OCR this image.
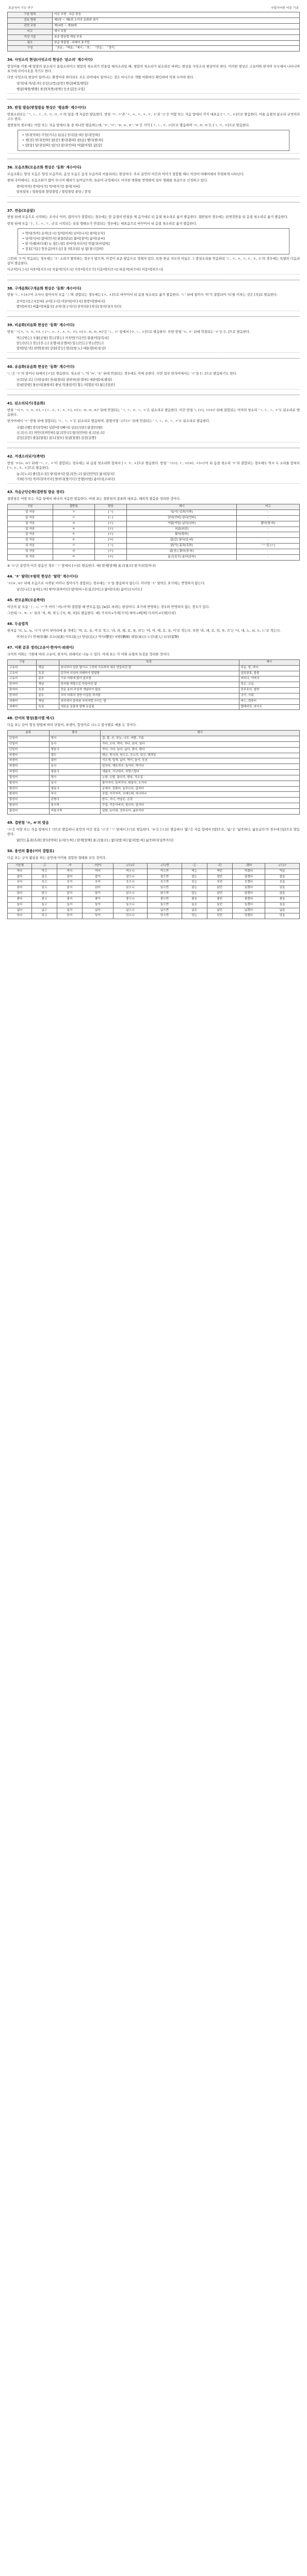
표준국어 기능 연구	국립국어원 어문 기준
구분 항목	어문 규범 · 표준 발음
검토 범위	제3장 ~ 제5장 소리의 동화와 첨가
관련 조항	제14항 ~ 제30항
비고	예시 포함
작성 기준	표준 발음법 해설 부록
참조	한글 맞춤법 · 외래어 표기법
구성	「본문」「해설」「예시」「표」 「연습」 「정리」
34. 사잇소리 현상(사잇소리 현상은 '된소리' 계수이다)

합성어를 이룰 때 앞말의 끝소리가 울림소리이고 뒷말의 첫소리가 안울림 예사소리일 때, 뒷말의 첫소리가 된소리로 바뀌는 현상을 사잇소리 현상이라 한다. 이러한 현상은 고유어와 한자어 모두에서 나타나며 표기에 사이시옷을 적기도 한다.

다만 사잇소리 현상이 일어나는 환경이라 하더라도 모든 단어에서 일어나는 것은 아니므로 개별 어휘마다 확인하여 익혀 두어야 한다.

냇가[내:까/낻:까] 콧등[코뜽/콛뜽] 뱃길[배낄/밷낄]
햇살[해쌀/핻쌀] 찻잔[차짠/찯짠] 등굣길[등교낄]
35. 받침 발음(받침발음 현상은 '평음화' 계수이다)

받침소리로는 'ㄱ, ㄴ, ㄷ, ㄹ, ㅁ, ㅂ, ㅇ'의 일곱 개 자음만 발음한다. 받침 'ㄲ, ㅋ'과 'ㅅ, ㅆ, ㅈ, ㅊ, ㅌ, ㅎ'과 'ㅍ'은 어말 또는 자음 앞에서 각각 대표음 [ㄱ, ㄷ, ㅂ]으로 발음한다. 이를 음절의 끝소리 규칙이라고도 한다.

겹받침의 경우에는 어말 또는 자음 앞에서 둘 중 하나만 발음하는데, 'ㄳ', 'ㄵ', 'ㄼ, ㄽ, ㄾ', 'ㅄ'은 각각 [ㄱ, ㄴ, ㄹ, ㅂ]으로 발음하며 'ㄺ, ㄻ, ㄿ'은 [ㄱ, ㅁ, ㅂ]으로 발음한다.

• 닦다[닥따] 키읔[키윽] 옷[옫] 웃다[욷:따] 있다[읻따]
• 젖[젇] 빚다[빋따] 꽃[꼳] 쫓다[쫃따] 솥[솓] 뱉다[밷:따]
• 앞[압] 덮다[덥따] 넋[넉] 앉다[안따] 여덟[여덜] 값[갑]
36. 모음조화(모음조화 현상은 '동화' 계수이다)

모음조화는 양성 모음은 양성 모음끼리, 음성 모음은 음성 모음끼리 어울리려는 현상이다. 주로 용언의 어간과 어미가 결합할 때나 의성어·의태어에서 뚜렷하게 나타난다.

현대 국어에서는 모음조화가 많이 무너져 예외가 늘어났으며, 표준어 규정에서도 이러한 변화를 반영하여 일부 형태를 표준으로 인정하고 있다.

깎아[까까] 막아[마가] 먹어[머거] 접어[저버]
알록달록 / 얼룩덜룩 찰랑찰랑 / 철렁철렁 퐁당 / 풍덩
37. 연음(모음앞)

받침 뒤에 모음으로 시작하는 조사나 어미, 접미사가 결합되는 경우에는 앞 음절의 받침을 제 음가대로 뒤 음절 첫소리로 옮겨 발음한다. 겹받침의 경우에는 뒤엣것만을 뒤 음절 첫소리로 옮겨 발음한다.

받침 뒤에 모음 'ㅏ, ㅓ, ㅗ, ㅜ, ㅟ'로 시작되는 실질 형태소가 연결되는 경우에는 대표음으로 바꾸어서 뒤 음절 첫소리로 옮겨 발음한다.

• 깎아[까까] 옷이[오시] 있어[이써] 낮이[나지] 꽂아[꼬자]
• 넋이[넉씨] 앉아[안자] 닭을[달글] 젊어[절머] 곬이[골씨]
• 밭 아래[바다래] 늪 앞[느밥] 젖어미[저더미] 맛없다[마덥따]
• 겉옷[거돋] 헛웃음[허두슴] 꽃 위[꼬뒤] 넋 없다[너겁따]

그런데 'ㅎ'이 연음되는 경우에는 'ㅎ' 소리가 탈락하는 경우가 많으며, 이것이 표준 발음으로 정해져 있다. 또한 한글 자모의 이름은 그 받침소리를 연음하되 'ㄷ, ㅈ, ㅊ, ㅋ, ㅌ, ㅍ, ㅎ'의 경우에는 특별히 다음과 같이 발음한다.

디귿이[디그시] 지읒이[지으시] 치읓이[치으시] 키읔이[키으기] 티읕이[티으시] 피읖이[피으비] 히읗이[히으시]

38. 구개음화(구개음화 현상은 '동화' 계수이다)

받침 'ㄷ, ㅌ(ㄾ)'이 조사나 접미사의 모음 'ㅣ'와 결합되는 경우에는 [ㅈ, ㅊ]으로 바꾸어서 뒤 음절 첫소리로 옮겨 발음한다. 'ㄷ' 뒤에 접미사 '히'가 결합되어 '티'를 이루는 것은 [치]로 발음한다.

곧이듣다[고지듣따] 굳이[구지] 미닫이[미다지] 땀받이[땀바지]
밭이[바치] 벼훑이[벼훌치] 굳히다[구치다] 닫히다[다치다] 묻히다[무치다]
39. 비음화(비음화 현상은 '동화' 계수이다)

받침 'ㄱ(ㄲ, ㅋ, ㄳ, ㄺ), ㄷ(ㅅ, ㅆ, ㅈ, ㅊ, ㅌ, ㅎ), ㅂ(ㅍ, ㄼ, ㄿ, ㅄ)'은 'ㄴ, ㅁ' 앞에서 [ㅇ, ㄴ, ㅁ]으로 발음한다. 또한 받침 'ㅁ, ㅇ' 뒤에 연결되는 'ㄹ'은 [ㄴ]으로 발음한다.

먹는[멍는] 국물[궁물] 깎는[깡는] 키읔만[키응만] 몫몫이[몽목씨]
닫는[단는] 짓는[진:는] 옷맵시[온맵씨] 있는[인는] 맞는[만는]
담력[담:녁] 침략[침냑] 강릉[강능] 항로[항:노] 대통령[대:통녕]
40. 유음화(유음화 현상은 '동화' 계수이다)

'ㄴ'은 'ㄹ'의 앞이나 뒤에서 [ㄹ]로 발음한다. 첫소리 'ㄴ'이 'ㅀ', 'ㄾ' 뒤에 연결되는 경우에도 이에 준한다. 다만 일부 한자어에서는 'ㄹ'을 [ㄴ]으로 발음하기도 한다.

난로[날:로] 신라[실라] 천리[철리] 광한루[광:할루] 대관령[대:괄령]
칼날[칼랄] 물난리[물랄리] 줄넘기[줄럼끼] 할는지[할른지] 닳는[달른]
41. 된소리되기(경음화)

받침 'ㄱ(ㄲ, ㅋ, ㄳ, ㄺ), ㄷ(ㅅ, ㅆ, ㅈ, ㅊ, ㅌ), ㅂ(ㅍ, ㄼ, ㄿ, ㅄ)' 뒤에 연결되는 'ㄱ, ㄷ, ㅂ, ㅅ, ㅈ'은 된소리로 발음한다. 어간 받침 'ㄴ(ㄵ), ㅁ(ㄻ)' 뒤에 결합되는 어미의 첫소리 'ㄱ, ㄷ, ㅅ, ㅈ'도 된소리로 발음한다.

한자어에서 'ㄹ' 받침 뒤에 결합되는 'ㄷ, ㅅ, ㅈ'은 된소리로 발음하며, 관형사형 '-(으)ㄹ' 뒤에 연결되는 'ㄱ, ㄷ, ㅂ, ㅅ, ㅈ'도 된소리로 발음한다.

국밥[국빱] 깎다[깍따] 넋받이[넉빠지] 삯돈[삭똔] 닭장[닥짱]
신고[신:꼬] 껴안다[껴안따] 앉고[안꼬] 얹다[언따] 삼고[삼:꼬]
갈등[갈뜽] 발동[발똥] 절도[절또] 말살[말쌀] 갈증[갈쯩]
42. 거센소리되기(축약)

받침 'ㅎ(ㄶ, ㅀ)' 뒤에 'ㄱ, ㄷ, ㅈ'이 결합되는 경우에는 뒤 음절 첫소리와 합쳐서 [ㅋ, ㅌ, ㅊ]으로 발음한다. 받침 'ㄱ(ㄺ), ㄷ, ㅂ(ㄼ), ㅈ(ㄵ)'이 뒤 음절 첫소리 'ㅎ'과 결합되는 경우에도 역시 두 소리를 합쳐서 [ㅋ, ㅌ, ㅍ, ㅊ]으로 발음한다.

놓고[노코] 좋던[조:턴] 쌓지[싸치] 많고[만:코] 않던[안턴] 닳지[달치]
각하[가카] 먹히다[머키다] 밝히다[발키다] 맏형[마텽] 좁히다[조피다]
43. 자음군단순화(겹받침 발음 정리)

겹받침은 어말 또는 자음 앞에서 하나의 자음만 발음한다. 아래 표는 겹받침의 종류와 대표음, 예외적 발음을 정리한 것이다.

구분	겹받침	발음	예시	비고
앞 자음	ㄳ	[ㄱ]	넋[넉] 넋과[넉꽈]	-
앞 자음	ㄵ	[ㄴ]	앉다[안따] 얹다[언따]	-
앞 자음	ㄼ	[ㄹ]	여덟[여덜] 넓다[널따]	밟다[밥:따]
앞 자음	ㄽ	[ㄹ]	외곬[외골]	-
앞 자음	ㄾ	[ㄹ]	핥다[할따]	-
앞 자음	ㅄ	[ㅂ]	값[갑] 없다[업:따]	-
뒤 자음	ㄺ	[ㄱ]	닭[닥] 흙과[흑꽈]	'ㄱ' 앞 [ㄹ]
뒤 자음	ㄻ	[ㅁ]	삶[삼:] 젊다[점:따]	-
뒤 자음	ㄿ	[ㅂ]	읊고[읍꼬] 읊다[읍따]	-

※ 'ㄺ'은 용언의 어간 말음인 경우 'ㄱ' 앞에서 [ㄹ]로 발음한다. 예) 맑게[말께] 묽고[물꼬] 얽거나[얼꺼나]

44. 'ㅎ' 탈락(ㅎ탈락 현상은 '탈락' 계수이다)

'ㅎ(ㄶ, ㅀ)' 뒤에 모음으로 시작된 어미나 접미사가 결합되는 경우에는 'ㅎ'을 발음하지 않는다. 이러한 'ㅎ' 탈락은 표기에는 반영하지 않는다.

낳은[나은] 놓아[노아] 쌓이다[싸이다] 많아[마:나] 않은[아는] 닳아[다라] 싫어도[시러도]
45. 반모음화(모음축약)

어간의 끝 모음 'ㅣ, ㅗ, ㅜ'가 어미 '-어/-아'와 결합할 때 반모음 [j], [w]로 바뀌는 현상이다. 표기에 반영하는 경우와 반영하지 않는 경우가 있다.

그런데 'ㅈ, ㅉ, ㅊ' 뒤의 '져, 쪄, 쳐'는 [저, 쩌, 처]로 발음한다. 예) 가지어→가져[가저] 찌어→쪄[쩌] 다치어→다쳐[다처]

46. 두음법칙

한자음 '녀, 뇨, 뉴, 니'가 단어 첫머리에 올 적에는 '여, 요, 유, 이'로 적고, '랴, 려, 례, 료, 류, 리'는 '야, 여, 예, 요, 유, 이'로 적는다. 또한 '라, 래, 로, 뢰, 루, 르'는 '나, 내, 노, 뇌, 누, 느'로 적는다.

여자(女子) 연세(年歲) 요소(尿素) 이토(泥土) 양심(良心) 역사(歷史) 낙원(樂園) 내일(來日) 노인(老人) 뇌성(雷聲)
47. 어휘 분류 정리(고유어·한자어·외래어)

국어의 어휘는 기원에 따라 고유어, 한자어, 외래어로 나눌 수 있다. 아래 표는 각 어휘 유형의 특징을 정리한 것이다.

구분		특징	예시
고유어	개념	본디부터 있던 말이나 그것에 기초하여 새로 만들어진 말	하늘, 땅, 바다
고유어	특징	감각어·의성어·의태어가 발달함	알록달록, 졸졸
고유어	분포	기초 어휘에 많이 분포함	어머니, 아버지
한자어	개념	한자를 바탕으로 만들어진 말	학교, 교실
한자어	특징	전문 용어·추상적 개념어가 많음	민주주의, 철학
한자어	분포	국어 어휘의 절반 이상을 차지함	국가, 사회
외래어	개념	외국에서 들어와 국어처럼 쓰이는 말	버스, 컴퓨터
외래어	특징	새로운 문물과 함께 유입됨	텔레비전, 라디오
48. 단어의 형성(품사별 예시)

다음 표는 단어 형성 방법에 따라 단일어, 파생어, 합성어로 나누고 품사별로 예를 든 것이다.

분류	품사	예시
단일어	명사	집, 물, 산, 하늘, 나무, 바람, 구름
단일어	동사	가다, 오다, 먹다, 자다, 보다, 읽다
단일어	형용사	작다, 크다, 높다, 넓다, 좋다, 밝다
파생어	접두	맨손, 풋사과, 헛수고, 군소리, 덧신, 햇과일
파생어	접미	지우개, 덮개, 넓이, 먹이, 놀이, 웃음
파생어	동사	밀치다, 깨뜨리다, 높이다, 먹이다
파생어	형용사	새롭다, 가난하다, 자랑스럽다
합성어	명사	논밭, 손발, 돌다리, 밤낮, 작은집
합성어	동사	돌아가다, 들어가다, 뛰놀다, 오가다
합성어	형용사	굳세다, 검붉다, 높푸르다, 값싸다
합성어	부사	곧잘, 이리저리, 오래오래, 하나하나
합성어	관형사	한두, 서너, 여남은, 온갖
합성어	통사적	큰집, 작은아버지, 힘쓰다, 앞서다
합성어	비통사적	덮밥, 늦더위, 검푸르다, 굶주리다
49. 겹받침 'ㄺ, ㄼ'의 발음

'ㄺ'은 어말 또는 자음 앞에서 [ㄱ]으로 발음하나 용언의 어간 말음 'ㄺ'은 'ㄱ' 앞에서 [ㄹ]로 발음한다. 'ㄼ'은 [ㄹ]로 발음하나 '밟-'은 자음 앞에서 [밥]으로, '넓-'은 '넓죽하다, 넓둥글다'의 경우에 [넙]으로 발음한다.

닭[닥] 흙과[흑꽈] 맑다[막따] 늙지[늑찌] / 맑게[말께] 묽고[물꼬] / 밟다[밥:따] 밟지[밥:찌] 넓죽하다[넙쭈카다]
50. 용언의 활용(어미 결합표)

다음 표는 규칙 활용을 하는 용언에 어미를 결합한 형태를 보인 것이다.

기본형	-고	-지	-어/아	-(으)니	-(으)면	-는	-던	-겠다	-(으)ㄹ
먹다	먹고	먹지	먹어	먹으니	먹으면	먹는	먹던	먹겠다	먹을
잡다	잡고	잡지	잡아	잡으니	잡으면	잡는	잡던	잡겠다	잡을
웃다	웃고	웃지	웃어	웃으니	웃으면	웃는	웃던	웃겠다	웃을
읽다	읽고	읽지	읽어	읽으니	읽으면	읽는	읽던	읽겠다	읽을
앉다	앉고	앉지	앉아	앉으니	앉으면	앉는	앉던	앉겠다	앉을
좋다	좋고	좋지	좋아	좋으니	좋으면	좋은	좋던	좋겠다	좋을
높다	높고	높지	높아	높으니	높으면	높은	높던	높겠다	높을
넓다	넓고	넓지	넓어	넓으니	넓으면	넓은	넓던	넓겠다	넓을
닦다	닦고	닦지	닦아	닦으니	닦으면	닦는	닦던	닦겠다	닦을
